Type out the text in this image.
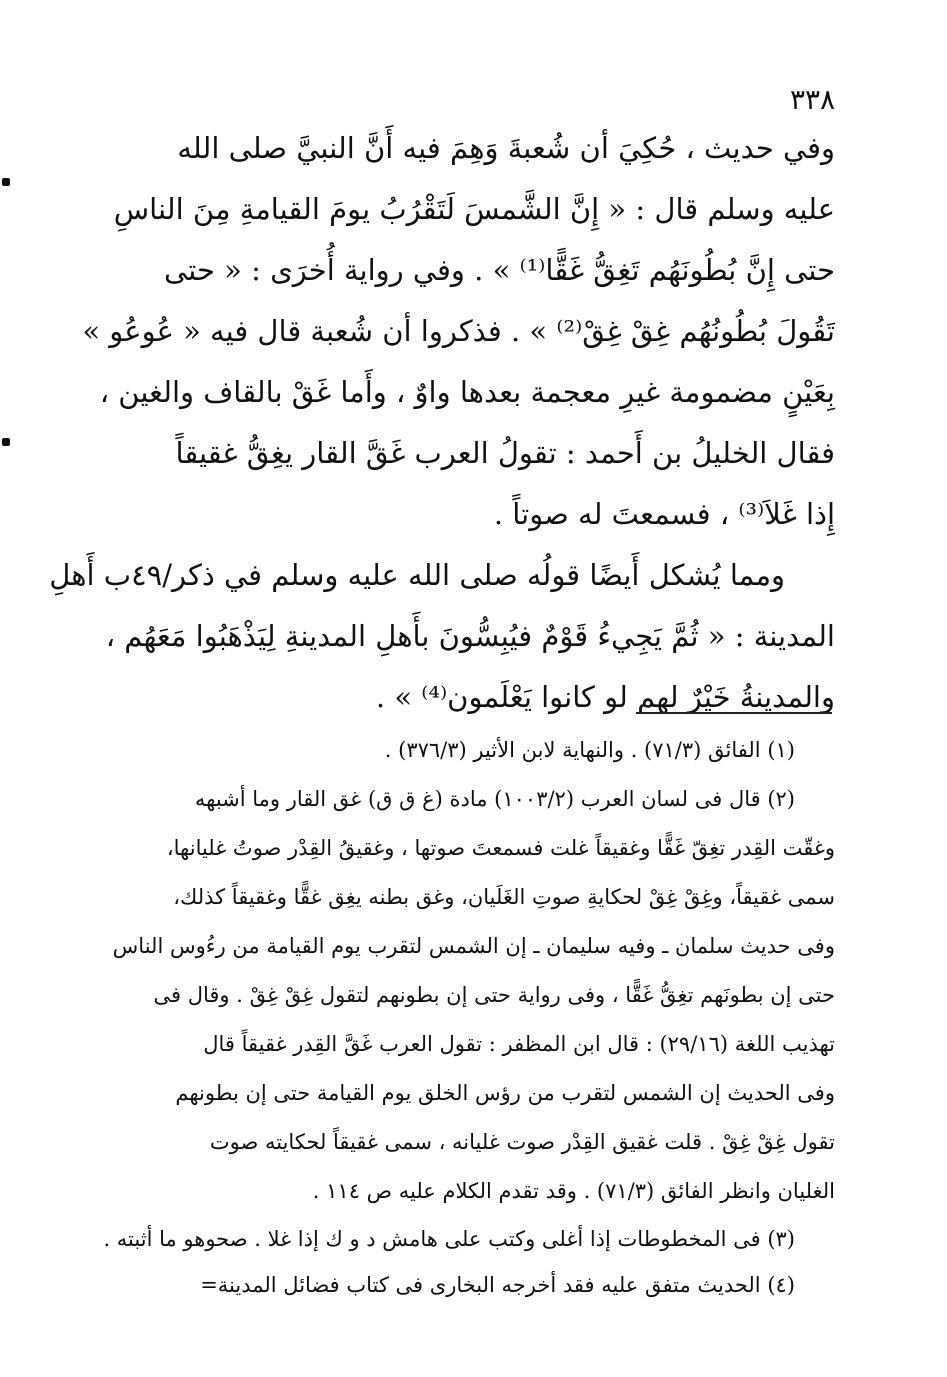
٣٣٨
وفي حديث ، حُكِيَ أن شُعبةَ وَهِمَ فيه أَنَّ النبيَّ صلى الله
عليه وسلم قال : « إِنَّ الشَّمسَ لَتَقْرُبُ يومَ القيامةِ مِنَ الناسِ
حتى إِنَّ بُطُونَهُم تَغِقُّ غَقًّا⁽¹⁾ » . وفي رواية أُخرَى : « حتى
تَقُولَ بُطُونُهُم غِقْ غِقْ⁽²⁾ » . فذكروا أن شُعبة قال فيه « عُوعُو »
بِعَيْنٍ مضمومة غيرِ معجمة بعدها واوٌ ، وأَما غَقْ بالقاف والغين ،
فقال الخليلُ بن أَحمد : تقولُ العرب غَقَّ القار يغِقُّ غقيقاً
إِذا غَلاَ⁽³⁾ ، فسمعتَ له صوتاً .
ومما يُشكل أَيضًا قولُه صلى الله عليه وسلم في ذكر/٤٩ب أَهلِ
المدينة : « ثُمَّ يَجِيءُ قَوْمٌ فيُبِسُّونَ بأَهلِ المدينةِ لِيَذْهَبُوا مَعَهُم ،
والمدينةُ خَيْرٌ لهم لو كانوا يَعْلَمون⁽⁴⁾ » .
(١) الفائق (٧١/٣) . والنهاية لابن الأثير (٣٧٦/٣) .
(٢) قال فى لسان العرب (١٠٠٣/٢) مادة (غ ق ق) غق القار وما أشبهه
وغقّت القِدر تغِقّ غَقًّا وغقيقاً غلت فسمعتَ صوتها ، وغقيقُ القِدْر صوتُ غليانها،
سمى غقيقاً، وغِقْ غِقْ لحكايةِ صوتِ الغَلَيان، وغق بطنه يغِق غقًّا وغقيقاً كذلك،
وفى حديث سلمان ـ وفيه سليمان ـ إن الشمس لتقرب يوم القيامة من رءُوس الناس
حتى إن بطونَهم تغِقُّ غَقًّا ، وفى رواية حتى إن بطونهم لتقول غِقْ غِقْ . وقال فى
تهذيب اللغة (٢٩/١٦) : قال ابن المظفر : تقول العرب غَقَّ القِدر غقيقاً قال
وفى الحديث إن الشمس لتقرب من رؤس الخلق يوم القيامة حتى إن بطونهم
تقول غِقْ غِقْ . قلت غقيق القِدْر صوت غليانه ، سمى غقيقاً لحكايته صوت
الغليان وانظر الفائق (٧١/٣) . وقد تقدم الكلام عليه ص ١١٤ .
(٣) فى المخطوطات إذا أغلى وكتب على هامش د و ك إذا غلا . صحوهو ما أثبته .
(٤) الحديث متفق عليه فقد أخرجه البخارى فى كتاب فضائل المدينة=
